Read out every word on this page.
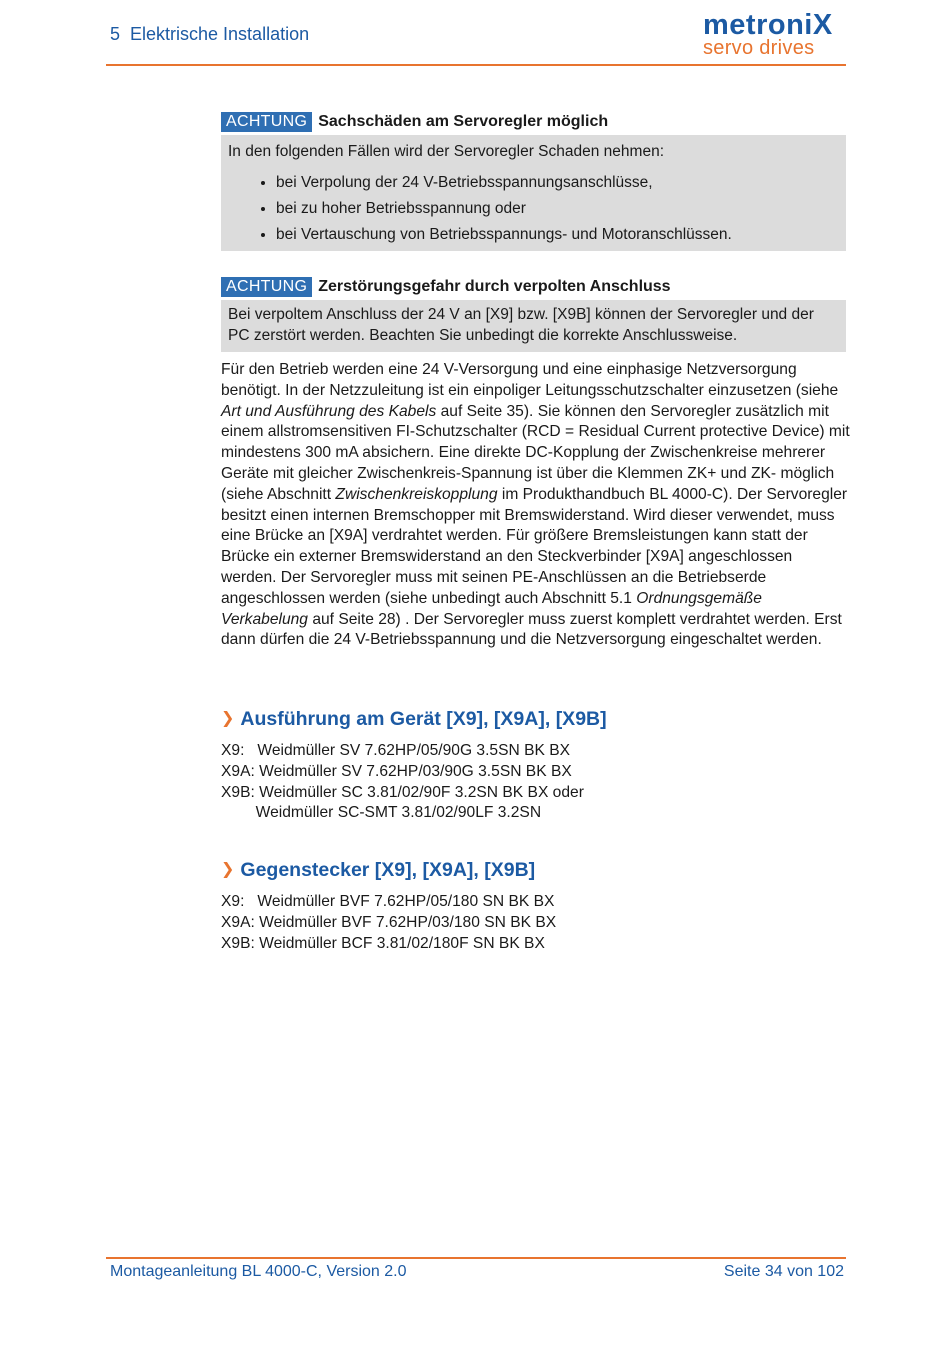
5  Elektrische Installation	metroniX
servo drives
ACHTUNG Sachschäden am Servoregler möglich
In den folgenden Fällen wird der Servoregler Schaden nehmen:
• bei Verpolung der 24 V-Betriebsspannungsanschlüsse,
• bei zu hoher Betriebsspannung oder
• bei Vertauschung von Betriebsspannungs- und Motoranschlüssen.
ACHTUNG Zerstörungsgefahr durch verpolten Anschluss
Bei verpoltem Anschluss der 24 V an [X9] bzw. [X9B] können der Servoregler und der PC zerstört werden. Beachten Sie unbedingt die korrekte Anschlussweise.
Für den Betrieb werden eine 24 V-Versorgung und eine einphasige Netzversorgung benötigt. In der Netzzuleitung ist ein einpoliger Leitungsschutzschalter einzusetzen (siehe Art und Ausführung des Kabels auf Seite 35). Sie können den Servoregler zusätzlich mit einem allstromsensitiven FI-Schutzschalter (RCD = Residual Current protective Device) mit mindestens 300 mA absichern. Eine direkte DC-Kopplung der Zwischenkreise mehrerer Geräte mit gleicher Zwischenkreis-Spannung ist über die Klemmen ZK+ und ZK- möglich (siehe Abschnitt Zwischenkreiskopplung im Produkthandbuch BL 4000-C). Der Servoregler besitzt einen internen Bremschopper mit Bremswiderstand. Wird dieser verwendet, muss eine Brücke an [X9A] verdrahtet werden. Für größere Bremsleistungen kann statt der Brücke ein externer Bremswiderstand an den Steckverbinder [X9A] angeschlossen werden. Der Servoregler muss mit seinen PE-Anschlüssen an die Betriebserde angeschlossen werden (siehe unbedingt auch Abschnitt 5.1 Ordnungsgemäße Verkabelung auf Seite 28) . Der Servoregler muss zuerst komplett verdrahtet werden. Erst dann dürfen die 24 V-Betriebsspannung und die Netzversorgung eingeschaltet werden.
❯ Ausführung am Gerät [X9], [X9A], [X9B]
X9:   Weidmüller SV 7.62HP/05/90G 3.5SN BK BX
X9A: Weidmüller SV 7.62HP/03/90G 3.5SN BK BX
X9B: Weidmüller SC 3.81/02/90F 3.2SN BK BX oder
Weidmüller SC-SMT 3.81/02/90LF 3.2SN
❯ Gegenstecker [X9], [X9A], [X9B]
X9:   Weidmüller BVF 7.62HP/05/180 SN BK BX
X9A: Weidmüller BVF 7.62HP/03/180 SN BK BX
X9B: Weidmüller BCF 3.81/02/180F SN BK BX
Montageanleitung BL 4000-C, Version 2.0	Seite 34 von 102
